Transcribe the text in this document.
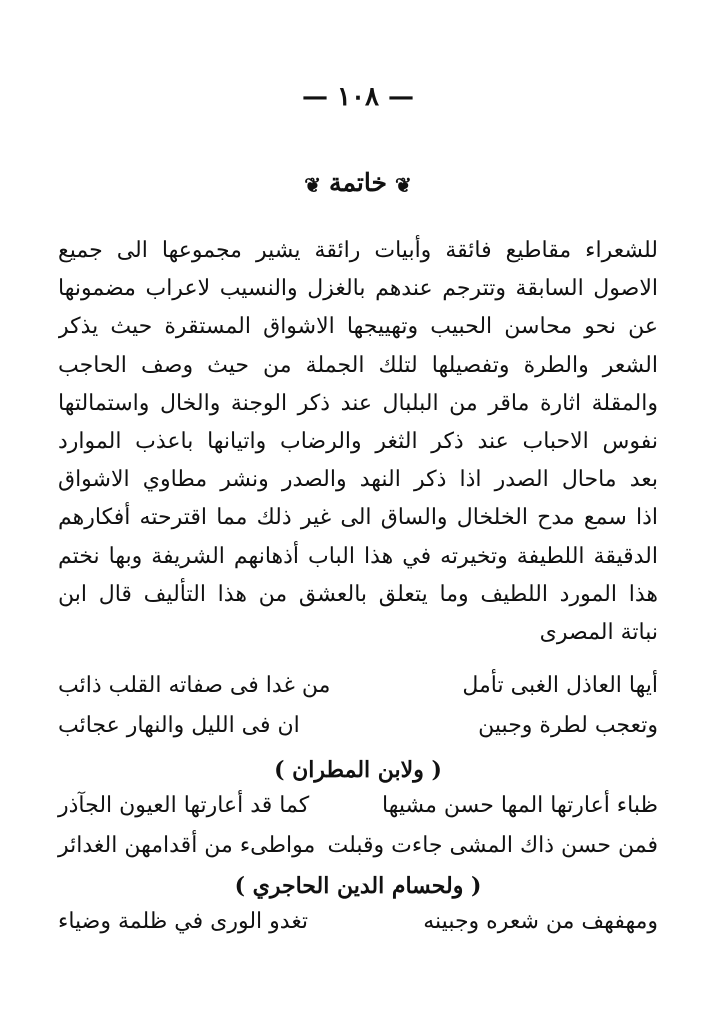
— ١٠٨ —
❦خاتمة❦
للشعراء مقاطيع فائقة وأبيات رائقة يشير مجموعها الى جميع
الاصول السابقة وتترجم عندهم بالغزل والنسيب لاعراب مضمونها
عن نحو محاسن الحبيب وتهييجها الاشواق المستقرة حيث يذكر
الشعر والطرة وتفصيلها لتلك الجملة من حيث وصف الحاجب
والمقلة اثارة ماقر من البلبال عند ذكر الوجنة والخال واستمالتها
نفوس الاحباب عند ذكر الثغر والرضاب واتيانها باعذب الموارد
بعد ماحال الصدر اذا ذكر النهد والصدر ونشر مطاوي الاشواق
اذا سمع مدح الخلخال والساق الى غير ذلك مما اقترحته أفكارهم
الدقيقة اللطيفة وتخيرته في هذا الباب أذهانهم الشريفة وبها نختم
هذا المورد اللطيف وما يتعلق بالعشق من هذا التأليف قال ابن
نباتة المصرى
أيها العاذل الغبى تأمل
من غدا فى صفاته القلب ذائب
وتعجب لطرة وجبين
ان فى الليل والنهار عجائب
( ولابن المطران )
ظباء أعارتها المها حسن مشيها
كما قد أعارتها العيون الجآذر
فمن حسن ذاك المشى جاءت وقبلت
مواطىء من أقدامهن الغدائر
( ولحسام الدين الحاجري )
ومهفهف من شعره وجبينه
تغدو الورى في ظلمة وضياء
